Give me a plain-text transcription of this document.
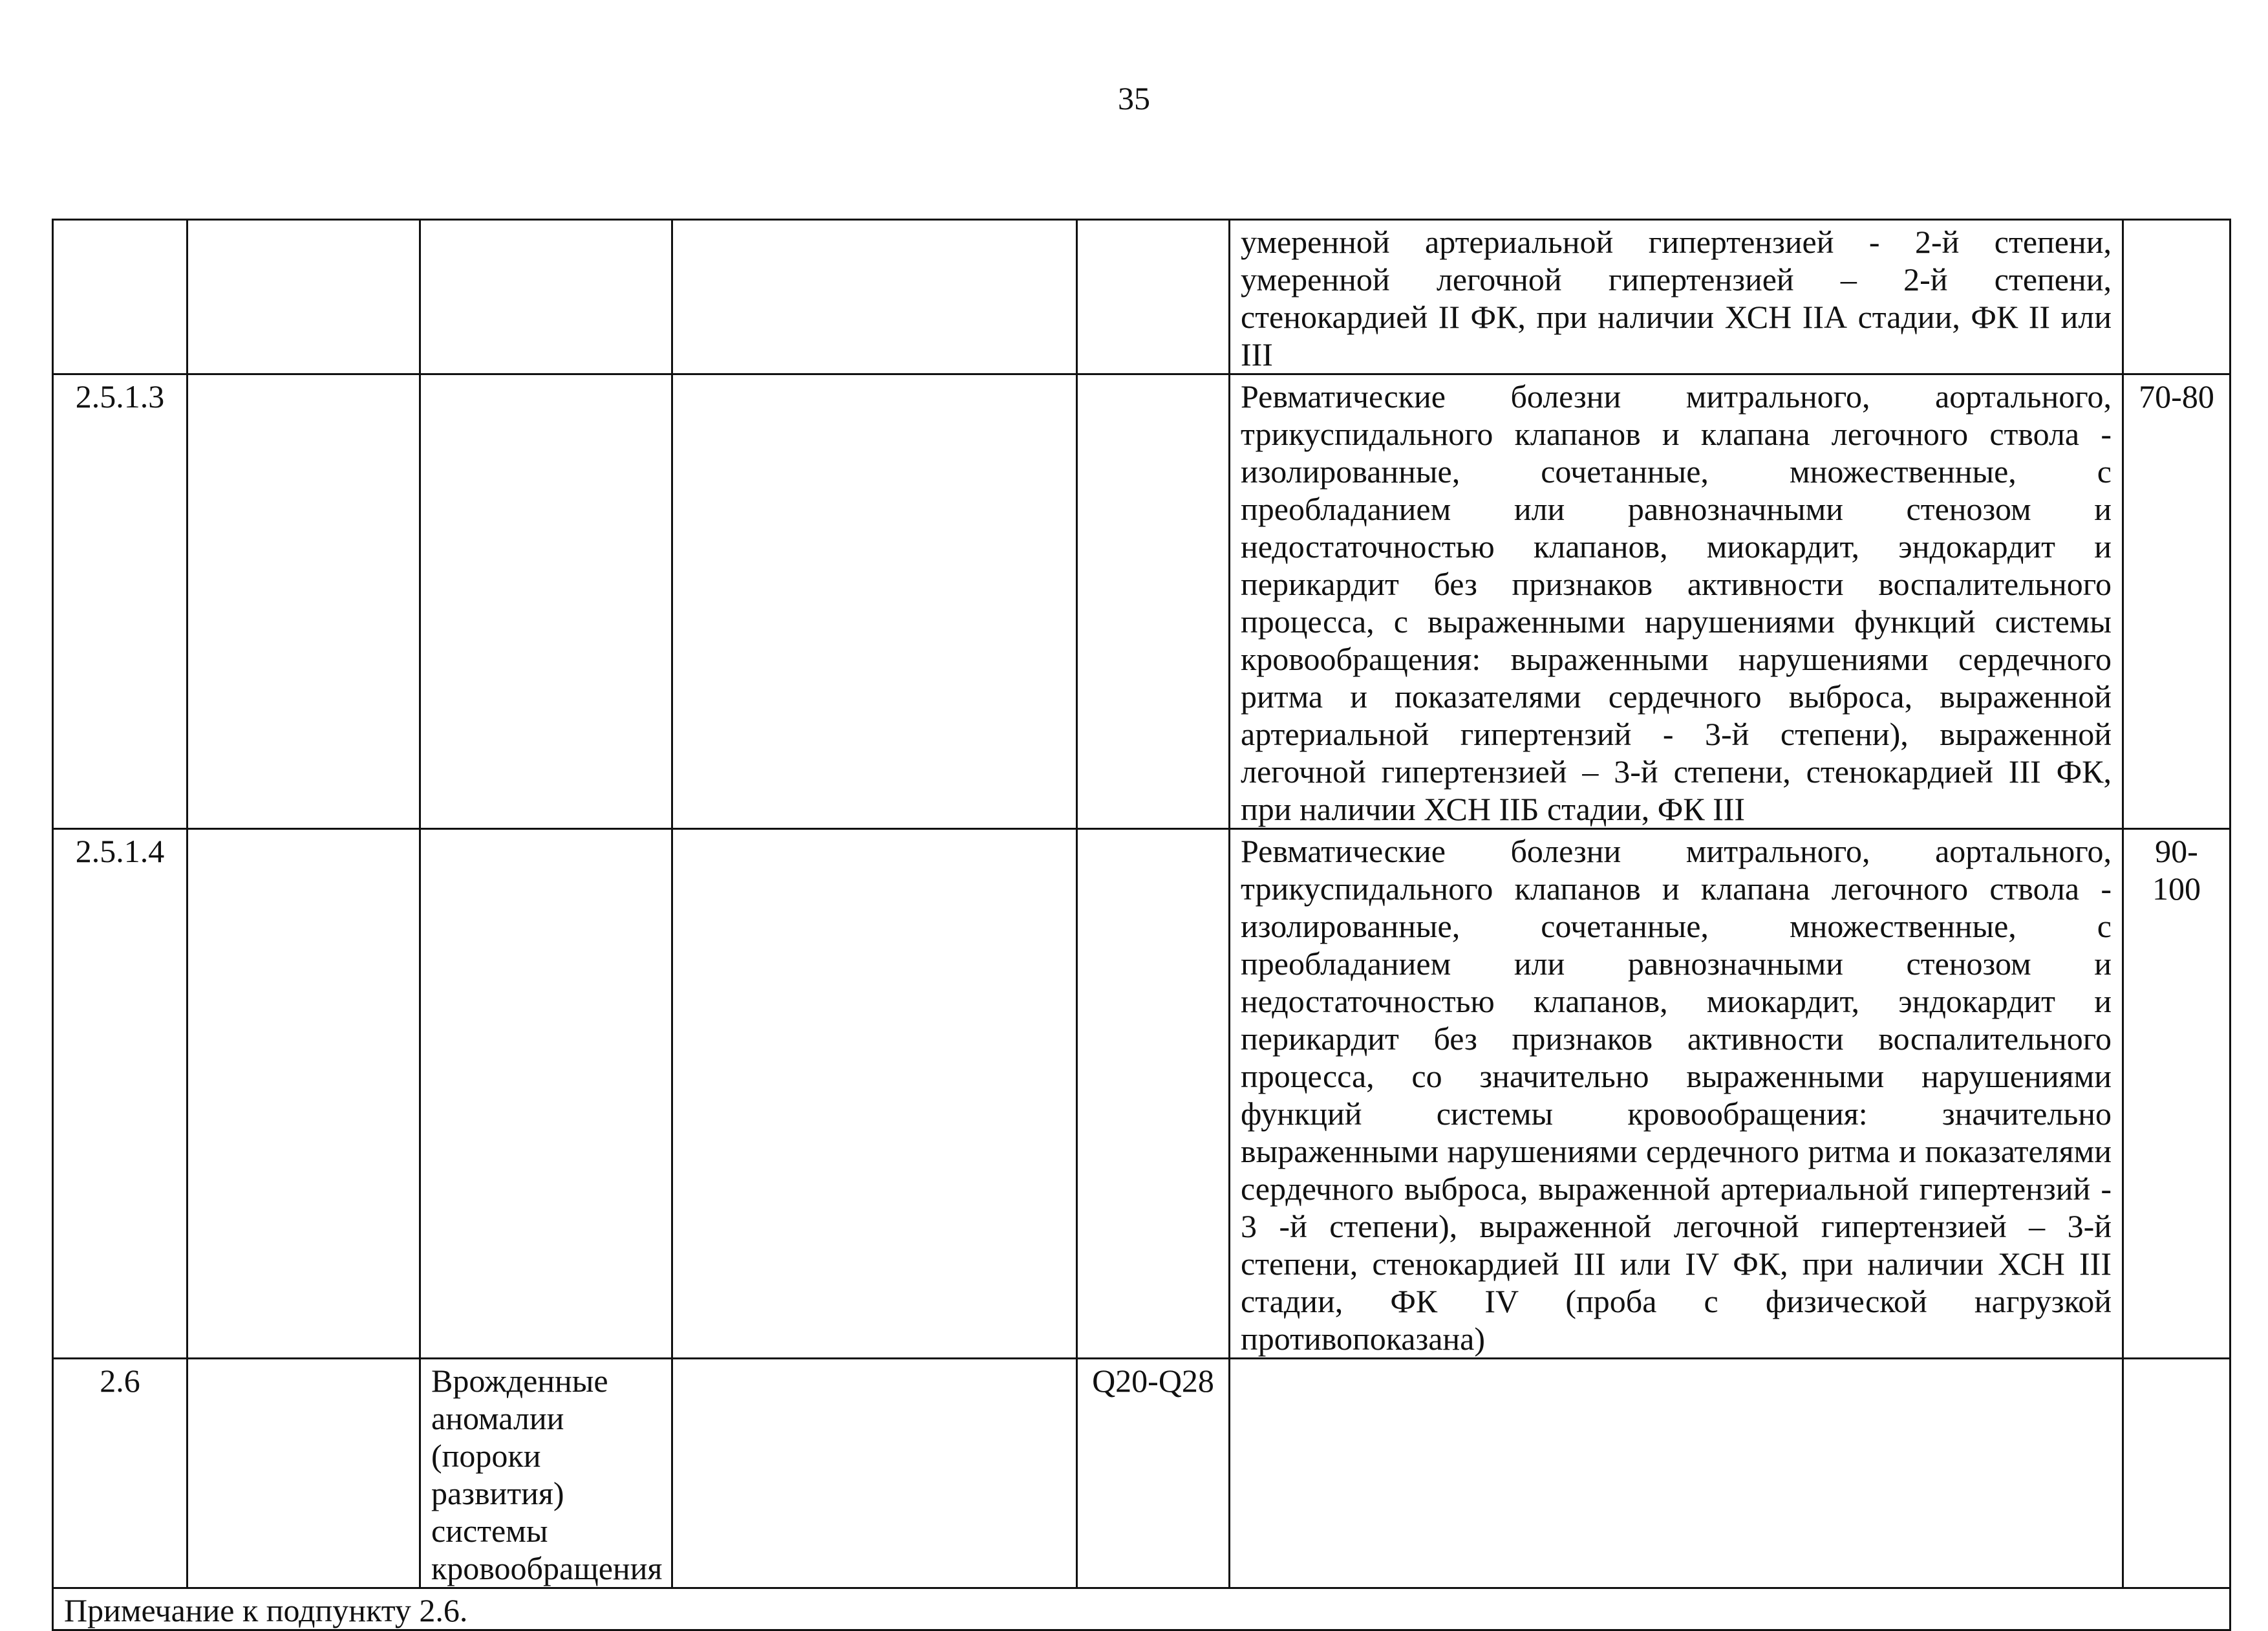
35
					умеренной артериальной гипертензией - 2-й степени, умеренной легочной гипертензией – 2-й степени, стенокардией II ФК, при наличии ХСН IIА стадии, ФК II или III	
2.5.1.3					Ревматические болезни митрального, аортального, трикуспидального клапанов и клапана легочного ствола - изолированные, сочетанные, множественные, с преобладанием или равнозначными стенозом и недостаточностью клапанов, миокардит, эндокардит и перикардит без признаков активности воспалительного процесса, с выраженными нарушениями функций системы кровообращения: выраженными нарушениями сердечного ритма и показателями сердечного выброса, выраженной артериальной гипертензий - 3-й степени), выраженной легочной гипертензией – 3-й степени, стенокардией III ФК, при наличии ХСН IIБ стадии, ФК III	70-80
2.5.1.4					Ревматические болезни митрального, аортального, трикуспидального клапанов и клапана легочного ствола - изолированные, сочетанные, множественные, с преобладанием или равнозначными стенозом и недостаточностью клапанов, миокардит, эндокардит и перикардит без признаков активности воспалительного процесса, со значительно выраженными нарушениями функций системы кровообращения: значительно выраженными нарушениями сердечного ритма и показателями сердечного выброса, выраженной артериальной гипертензий - 3 -й степени), выраженной легочной гипертензией – 3-й степени, стенокардией III или IV ФК, при наличии ХСН III стадии, ФК IV (проба с физической нагрузкой противопоказана)	90-100
2.6		Врожденные аномалии (пороки развития) системы кровообращения		Q20-Q28		
Примечание к подпункту 2.6.						
